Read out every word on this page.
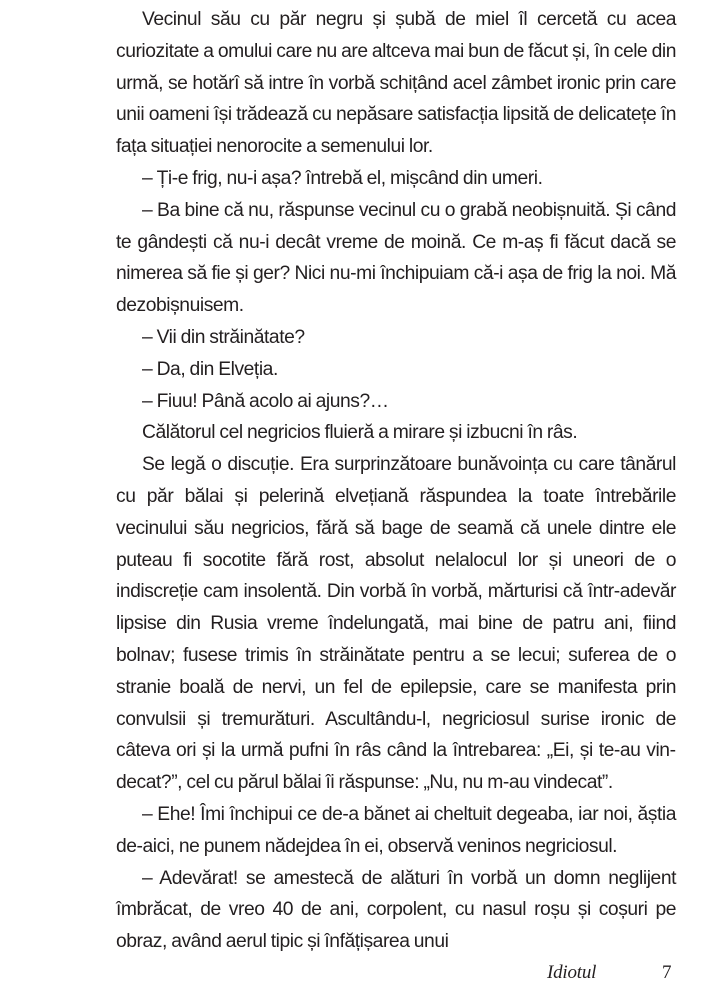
Vecinul său cu păr negru și șubă de miel îl cercetă cu acea curiozitate a omului care nu are altceva mai bun de făcut și, în cele din urmă, se hotărî să intre în vorbă schițând acel zâmbet ironic prin care unii oameni își trădează cu nepăsare satisfacția lipsită de delicatețe în fața situației nenorocite a semenului lor.

– Ți-e frig, nu-i așa? întrebă el, mișcând din umeri.

– Ba bine că nu, răspunse vecinul cu o grabă neobișnuită. Și când te gândești că nu-i decât vreme de moină. Ce m-aș fi făcut dacă se nimerea să fie și ger? Nici nu-mi închipuiam că-i așa de frig la noi. Mă dezobișnuisem.

– Vii din străinătate?

– Da, din Elveția.

– Fiuu! Până acolo ai ajuns?…

Călătorul cel negricios fluieră a mirare și izbucni în râs.

Se legă o discuție. Era surprinzătoare bunăvoința cu care tânărul cu păr bălai și pelerină elvețiană răspundea la toate întrebările vecinului său negricios, fără să bage de seamă că unele dintre ele puteau fi socotite fără rost, absolut nelalocul lor și uneori de o indiscreție cam insolentă. Din vorbă în vorbă, mărturisi că într-adevăr lipsise din Rusia vreme îndelungată, mai bine de patru ani, fiind bolnav; fusese trimis în străinătate pentru a se lecui; suferea de o stranie boală de nervi, un fel de epilepsie, care se manifesta prin convulsii și tremurături. Ascultându-l, negriciosul surise ironic de câteva ori și la urmă pufni în râs când la întrebarea: „Ei, și te-au vindecat?”, cel cu părul bălai îi răspunse: „Nu, nu m-au vindecat”.

– Ehe! Îmi închipui ce de-a bănet ai cheltuit degeaba, iar noi, ăștia de-aici, ne punem nădejdea în ei, observă veninos negriciosul.

– Adevărat! se amestecă de alături în vorbă un domn neglijent îmbrăcat, de vreo 40 de ani, corpolent, cu nasul roșu și coșuri pe obraz, având aerul tipic și înfățișarea unui

Idiotul	7
